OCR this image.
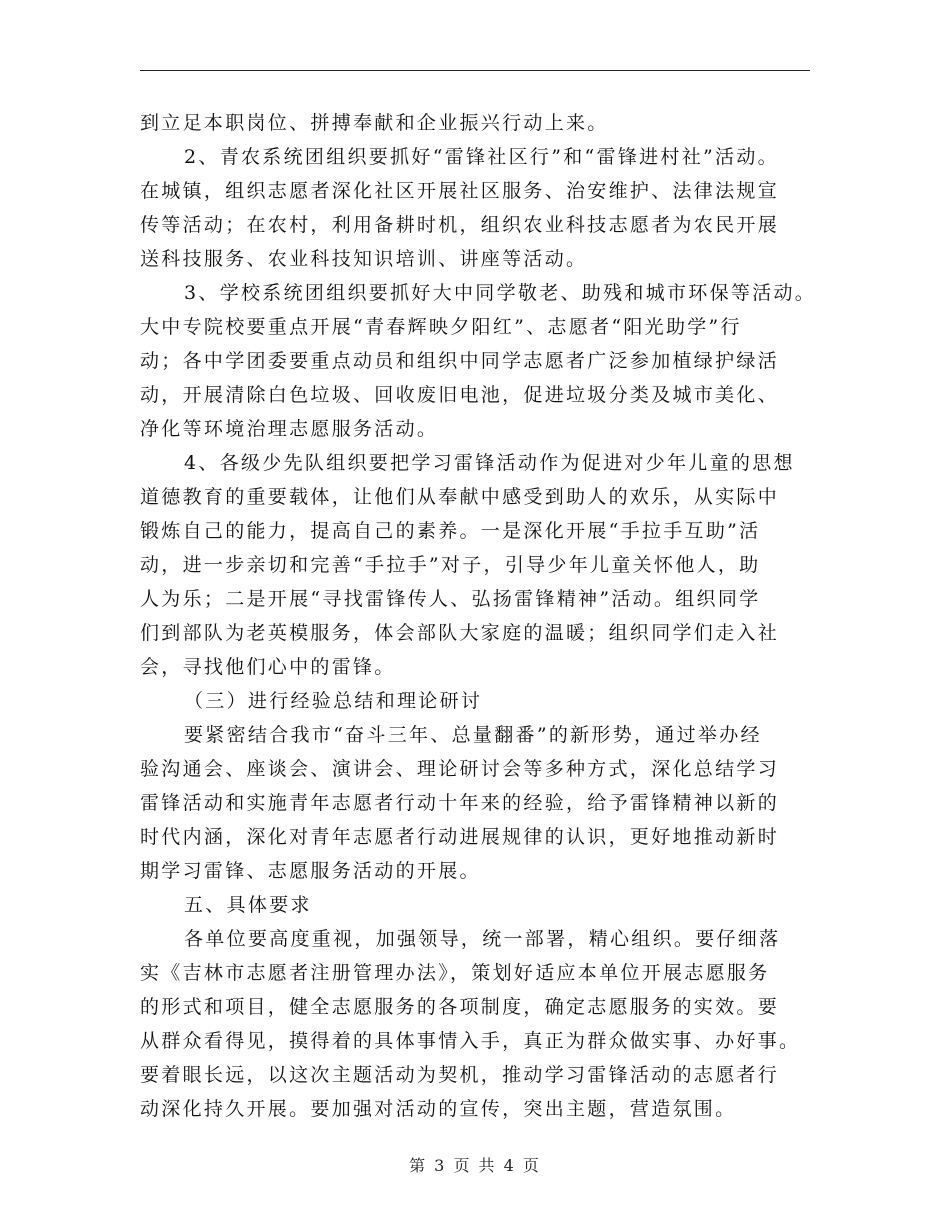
到立足本职岗位、拼搏奉献和企业振兴行动上来。
2、青农系统团组织要抓好“雷锋社区行”和“雷锋进村社”活动。
在城镇，组织志愿者深化社区开展社区服务、治安维护、法律法规宣
传等活动；在农村，利用备耕时机，组织农业科技志愿者为农民开展
送科技服务、农业科技知识培训、讲座等活动。
3、学校系统团组织要抓好大中同学敬老、助残和城市环保等活动。
大中专院校要重点开展“青春辉映夕阳红”、志愿者“阳光助学”行
动；各中学团委要重点动员和组织中同学志愿者广泛参加植绿护绿活
动，开展清除白色垃圾、回收废旧电池，促进垃圾分类及城市美化、
净化等环境治理志愿服务活动。
4、各级少先队组织要把学习雷锋活动作为促进对少年儿童的思想
道德教育的重要载体，让他们从奉献中感受到助人的欢乐，从实际中
锻炼自己的能力，提高自己的素养。一是深化开展“手拉手互助”活
动，进一步亲切和完善“手拉手”对子，引导少年儿童关怀他人，助
人为乐；二是开展“寻找雷锋传人、弘扬雷锋精神”活动。组织同学
们到部队为老英模服务，体会部队大家庭的温暖；组织同学们走入社
会，寻找他们心中的雷锋。
（三）进行经验总结和理论研讨
要紧密结合我市“奋斗三年、总量翻番”的新形势，通过举办经
验沟通会、座谈会、演讲会、理论研讨会等多种方式，深化总结学习
雷锋活动和实施青年志愿者行动十年来的经验，给予雷锋精神以新的
时代内涵，深化对青年志愿者行动进展规律的认识，更好地推动新时
期学习雷锋、志愿服务活动的开展。
五、具体要求
各单位要高度重视，加强领导，统一部署，精心组织。要仔细落
实《吉林市志愿者注册管理办法》，策划好适应本单位开展志愿服务
的形式和项目，健全志愿服务的各项制度，确定志愿服务的实效。要
从群众看得见，摸得着的具体事情入手，真正为群众做实事、办好事。
要着眼长远，以这次主题活动为契机，推动学习雷锋活动的志愿者行
动深化持久开展。要加强对活动的宣传，突出主题，营造氛围。
第 3 页 共 4 页
